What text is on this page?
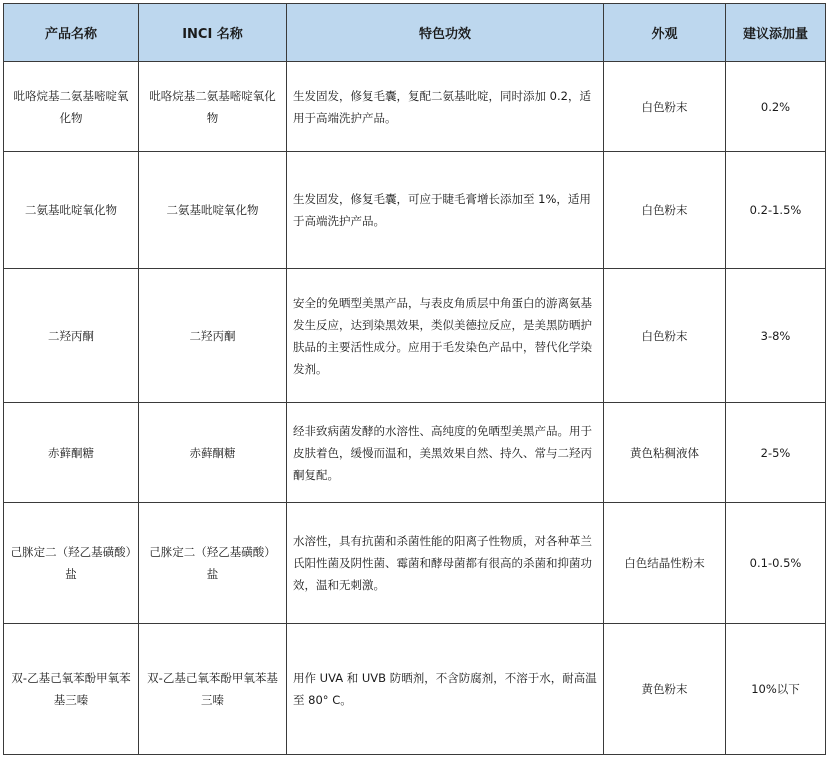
产品名称	INCI 名称	特色功效	外观	建议添加量
吡咯烷基二氨基嘧啶氧化物	吡咯烷基二氨基嘧啶氧化物	生发固发，修复毛囊，复配二氨基吡啶，同时添加 0.2，适用于高端洗护产品。	白色粉末	0.2%
二氨基吡啶氧化物	二氨基吡啶氧化物	生发固发，修复毛囊，可应于睫毛膏增长添加至 1%，适用于高端洗护产品。	白色粉末	0.2-1.5%
二羟丙酮	二羟丙酮	安全的免晒型美黑产品，与表皮角质层中角蛋白的游离氨基发生反应，达到染黑效果，类似美德拉反应，是美黑防晒护肤品的主要活性成分。应用于毛发染色产品中，替代化学染发剂。	白色粉末	3-8%
赤藓酮糖	赤藓酮糖	经非致病菌发酵的水溶性、高纯度的免晒型美黑产品。用于皮肤着色，缓慢而温和，美黑效果自然、持久、常与二羟丙酮复配。	黄色粘稠液体	2-5%
己脒定二（羟乙基磺酸）盐	己脒定二（羟乙基磺酸）盐	水溶性，具有抗菌和杀菌性能的阳离子性物质，对各种革兰氏阳性菌及阴性菌、霉菌和酵母菌都有很高的杀菌和抑菌功效，温和无刺激。	白色结晶性粉末	0.1-0.5%
双-乙基己氧苯酚甲氧苯基三嗪	双-乙基己氧苯酚甲氧苯基三嗪	用作 UVA 和 UVB 防晒剂，不含防腐剂，不溶于水，耐高温至 80° C。	黄色粉末	10%以下
